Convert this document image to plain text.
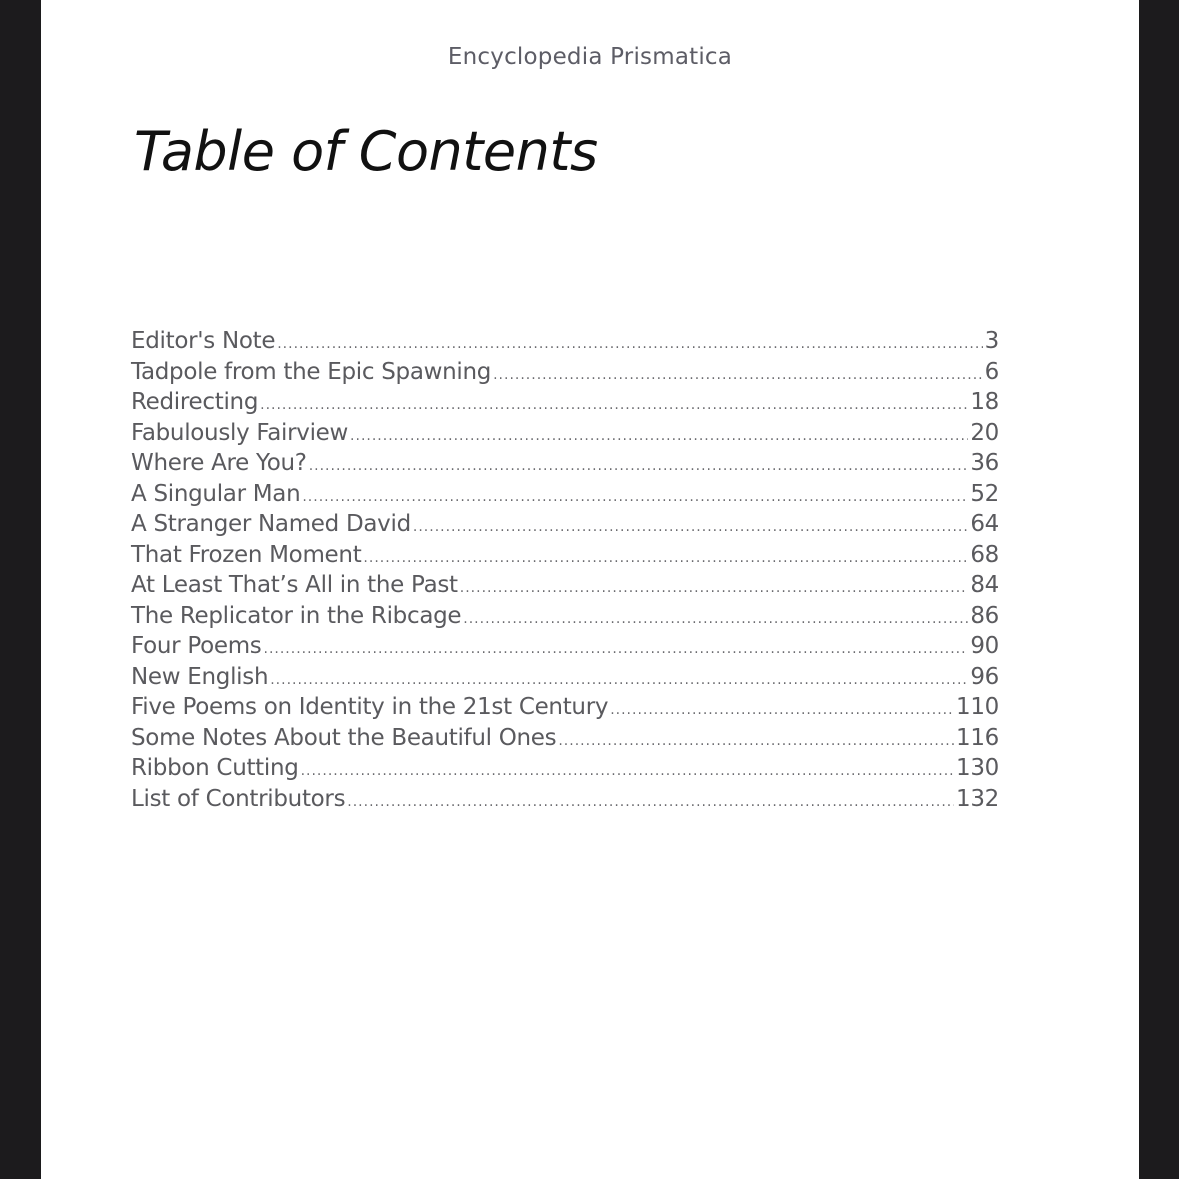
Encyclopedia Prismatica

Table of Contents
Editor's Note .....	3
Tadpole from the Epic Spawning .....	6
Redirecting .....	18
Fabulously Fairview .....	20
Where Are You? .....	36
A Singular Man .....	52
A Stranger Named David .....	64
That Frozen Moment .....	68
At Least That’s All in the Past .....	84
The Replicator in the Ribcage .....	86
Four Poems .....	90
New English .....	96
Five Poems on Identity in the 21st Century .....	110
Some Notes About the Beautiful Ones .....	116
Ribbon Cutting .....	130
List of Contributors .....	132
